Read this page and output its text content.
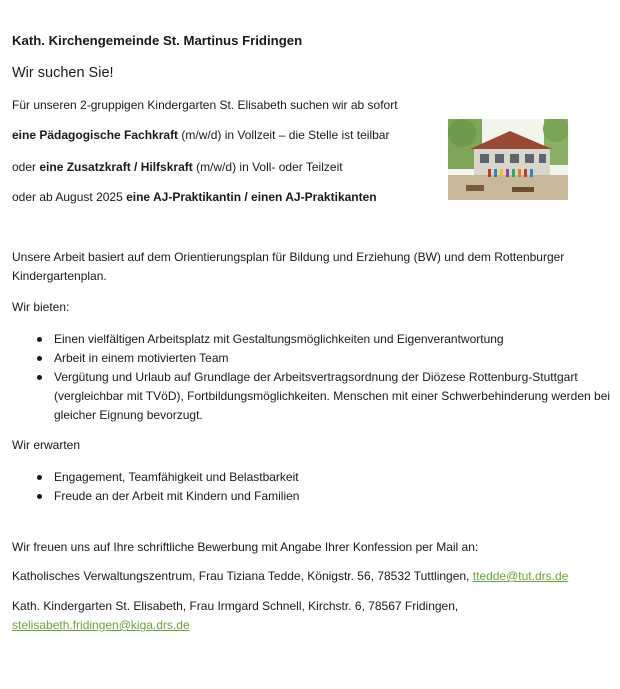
Kath. Kirchengemeinde St. Martinus Fridingen
Wir suchen Sie!
Für unseren 2-gruppigen Kindergarten St. Elisabeth suchen wir ab sofort
eine Pädagogische Fachkraft (m/w/d) in Vollzeit – die Stelle ist teilbar
oder eine Zusatzkraft / Hilfskraft (m/w/d) in Voll- oder Teilzeit
oder ab August 2025 eine AJ-Praktikantin / einen AJ-Praktikanten
Unsere Arbeit basiert auf dem Orientierungsplan für Bildung und Erziehung (BW) und dem Rottenburger Kindergartenplan.
Wir bieten:
Einen vielfältigen Arbeitsplatz mit Gestaltungsmöglichkeiten und Eigenverantwortung
Arbeit in einem motivierten Team
Vergütung und Urlaub auf Grundlage der Arbeitsvertragsordnung der Diözese Rottenburg-Stuttgart (vergleichbar mit TVöD), Fortbildungsmöglichkeiten. Menschen mit einer Schwerbehinderung werden bei gleicher Eignung bevorzugt.
Wir erwarten
Engagement, Teamfähigkeit und Belastbarkeit
Freude an der Arbeit mit Kindern und Familien
Wir freuen uns auf Ihre schriftliche Bewerbung mit Angabe Ihrer Konfession per Mail an:
Katholisches Verwaltungszentrum, Frau Tiziana Tedde, Königstr. 56, 78532 Tuttlingen, ttedde@tut.drs.de
Kath. Kindergarten St. Elisabeth, Frau Irmgard Schnell, Kirchstr. 6, 78567 Fridingen,
stelisabeth.fridingen@kiga.drs.de
